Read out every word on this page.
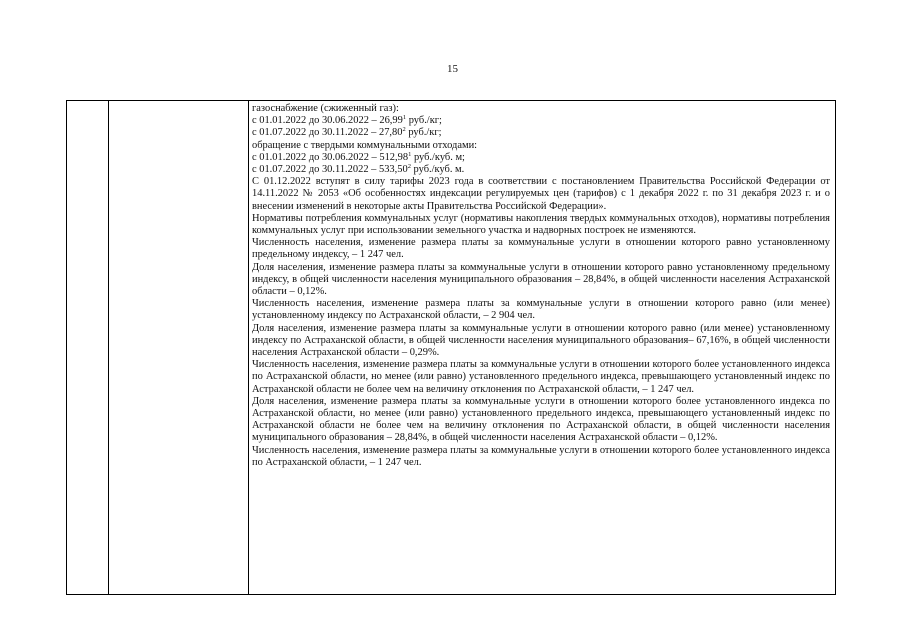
15
газоснабжение (сжиженный газ):
с 01.01.2022 до 30.06.2022 – 26,99$^1$ руб./кг;
с 01.07.2022 до 30.11.2022 – 27,80$^2$ руб./кг;
обращение с твердыми коммунальными отходами:
с 01.01.2022 до 30.06.2022 – 512,98$^1$ руб./куб. м;
с 01.07.2022 до 30.11.2022 – 533,50$^2$ руб./куб. м.
С 01.12.2022 вступят в силу тарифы 2023 года в соответствии с постановлением Правительства Российской Федерации от 14.11.2022 № 2053 «Об особенностях индексации регулируемых цен (тарифов) с 1 декабря 2022 г. по 31 декабря 2023 г. и о внесении изменений в некоторые акты Правительства Российской Федерации».
Нормативы потребления коммунальных услуг (нормативы накопления твердых коммунальных отходов), нормативы потребления коммунальных услуг при использовании земельного участка и надворных построек не изменяются.
Численность населения, изменение размера платы за коммунальные услуги в отношении которого равно установленному предельному индексу, – 1 247 чел.
Доля населения, изменение размера платы за коммунальные услуги в отношении которого равно установленному предельному индексу, в общей численности населения муниципального образования – 28,84%, в общей численности населения Астраханской области – 0,12%.
Численность населения, изменение размера платы за коммунальные услуги в отношении которого равно (или менее) установленному индексу по Астраханской области, – 2 904 чел.
Доля населения, изменение размера платы за коммунальные услуги в отношении которого равно (или менее) установленному индексу по Астраханской области, в общей численности населения муниципального образования– 67,16%, в общей численности населения Астраханской области – 0,29%.
Численность населения, изменение размера платы за коммунальные услуги в отношении которого более установленного индекса по Астраханской области, но менее (или равно) установленного предельного индекса, превышающего установленный индекс по Астраханской области не более чем на величину отклонения по Астраханской области, – 1 247 чел.
Доля населения, изменение размера платы за коммунальные услуги в отношении которого более установленного индекса по Астраханской области, но менее (или равно) установленного предельного индекса, превышающего установленный индекс по Астраханской области не более чем на величину отклонения по Астраханской области, в общей численности населения муниципального образования – 28,84%, в общей численности населения Астраханской области – 0,12%.
Численность населения, изменение размера платы за коммунальные услуги в отношении которого более установленного индекса по Астраханской области, – 1 247 чел.
